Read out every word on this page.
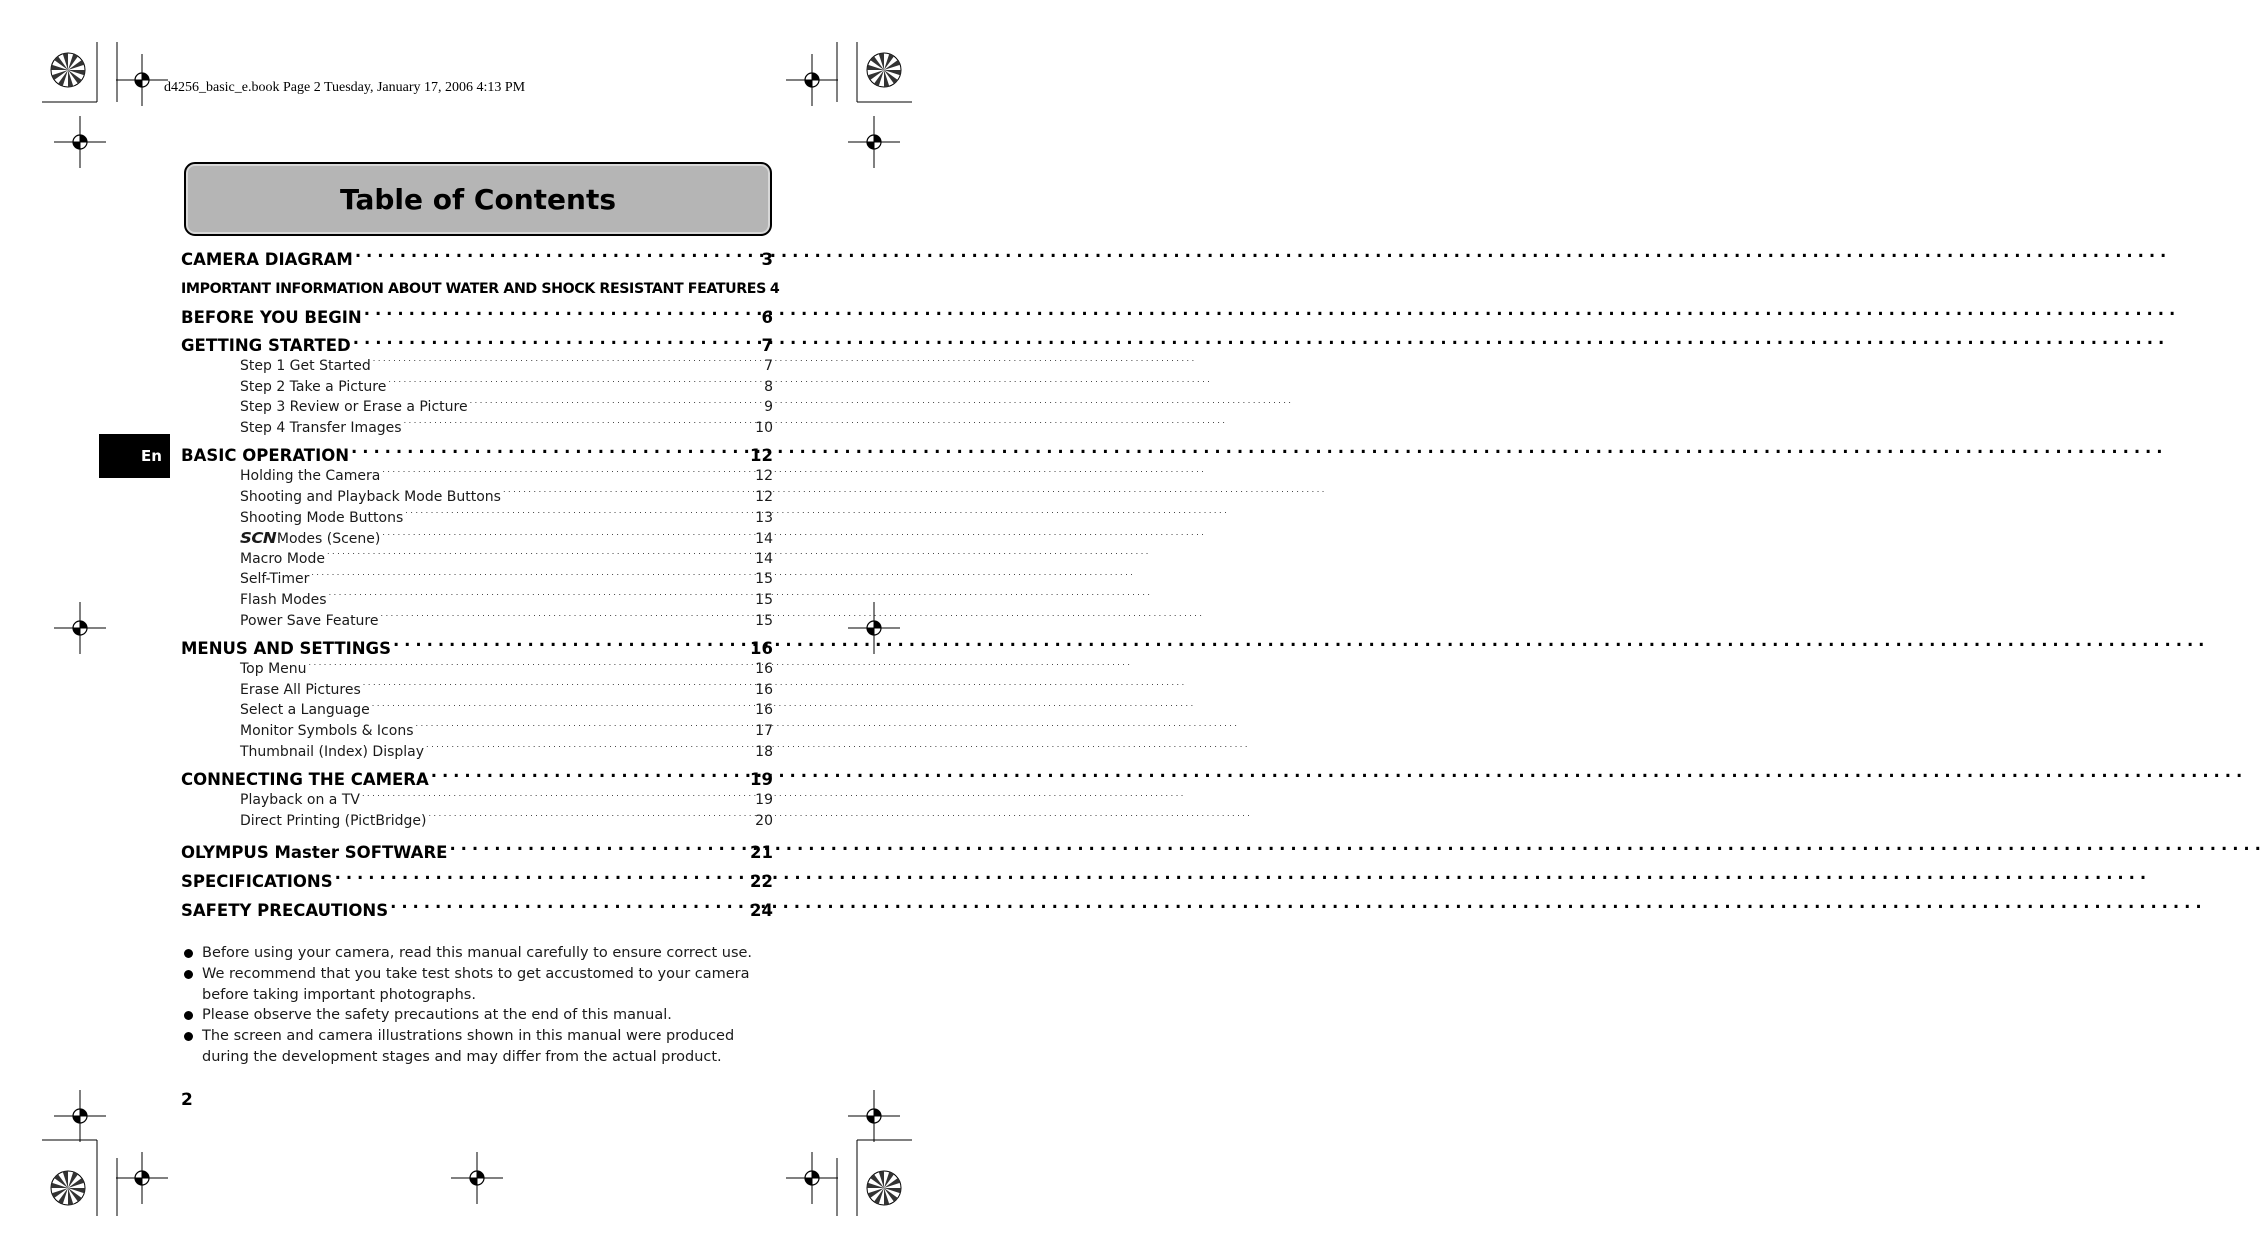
d4256_basic_e.book Page 2 Tuesday, January 17, 2006 4:13 PM
Table of Contents
En
CAMERA DIAGRAM . . .	3
IMPORTANT INFORMATION ABOUT WATER AND SHOCK RESISTANT FEATURES 4
BEFORE YOU BEGIN . . .	6
GETTING STARTED . . .	7
Step 1 Get Started . . .	7
Step 2 Take a Picture . . .	8
Step 3 Review or Erase a Picture . . .	9
Step 4 Transfer Images . . .	10
BASIC OPERATION . . .	12
Holding the Camera . . .	12
Shooting and Playback Mode Buttons . . .	12
Shooting Mode Buttons . . .	13
SCNModes (Scene) . . .	14
Macro Mode . . .	14
Self-Timer . . .	15
Flash Modes . . .	15
Power Save Feature . . .	15
MENUS AND SETTINGS . . .	16
Top Menu . . .	16
Erase All Pictures . . .	16
Select a Language . . .	16
Monitor Symbols & Icons . . .	17
Thumbnail (Index) Display . . .	18
CONNECTING THE CAMERA . . .	19
Playback on a TV . . .	19
Direct Printing (PictBridge) . . .	20
OLYMPUS Master SOFTWARE . . .	21
SPECIFICATIONS . . .	22
SAFETY PRECAUTIONS . . .	24
Before using your camera, read this manual carefully to ensure correct use.
We recommend that you take test shots to get accustomed to your camera before taking important photographs.
Please observe the safety precautions at the end of this manual.
The screen and camera illustrations shown in this manual were produced during the development stages and may differ from the actual product.
2
